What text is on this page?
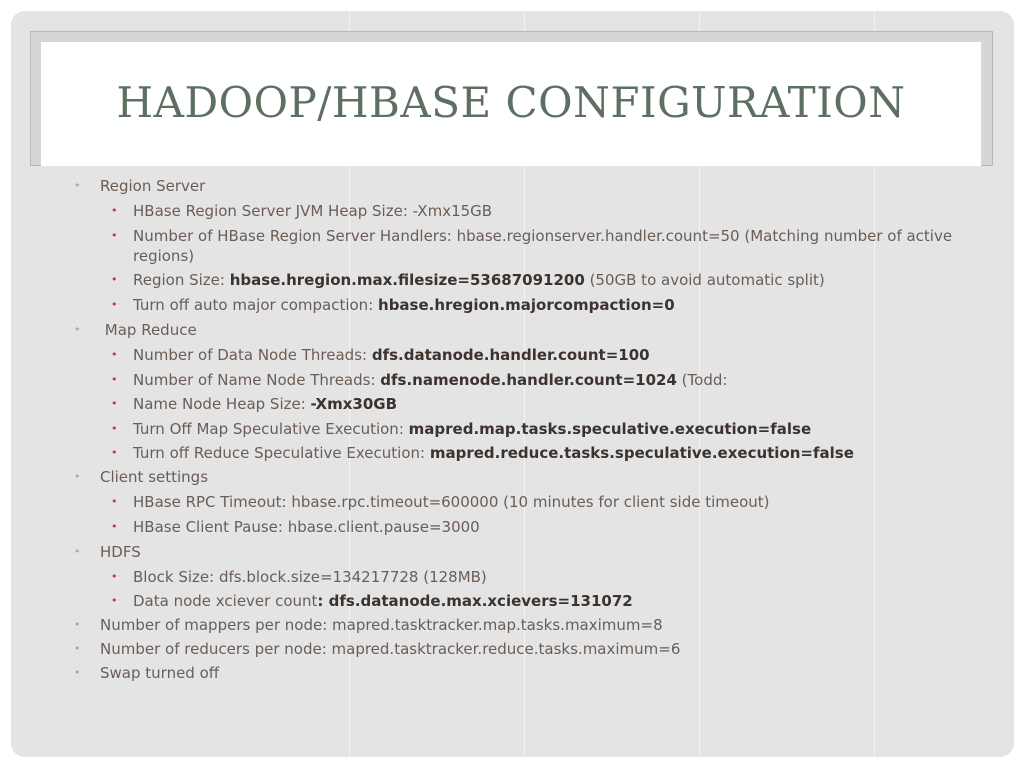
HADOOP/HBASE CONFIGURATION

• Region Server

• HBase Region Server JVM Heap Size: -Xmx15GB

• Number of HBase Region Server Handlers: hbase.regionserver.handler.count=50 (Matching number of active regions)

• Region Size: hbase.hregion.max.filesize=53687091200 (50GB to avoid automatic split)

• Turn off auto major compaction: hbase.hregion.majorcompaction=0

• Map Reduce

• Number of Data Node Threads: dfs.datanode.handler.count=100

• Number of Name Node Threads: dfs.namenode.handler.count=1024 (Todd:

• Name Node Heap Size: -Xmx30GB

• Turn Off Map Speculative Execution: mapred.map.tasks.speculative.execution=false

• Turn off Reduce Speculative Execution: mapred.reduce.tasks.speculative.execution=false

• Client settings

• HBase RPC Timeout: hbase.rpc.timeout=600000 (10 minutes for client side timeout)

• HBase Client Pause: hbase.client.pause=3000

• HDFS

• Block Size: dfs.block.size=134217728 (128MB)

• Data node xciever count: dfs.datanode.max.xcievers=131072

• Number of mappers per node: mapred.tasktracker.map.tasks.maximum=8

• Number of reducers per node: mapred.tasktracker.reduce.tasks.maximum=6

• Swap turned off
